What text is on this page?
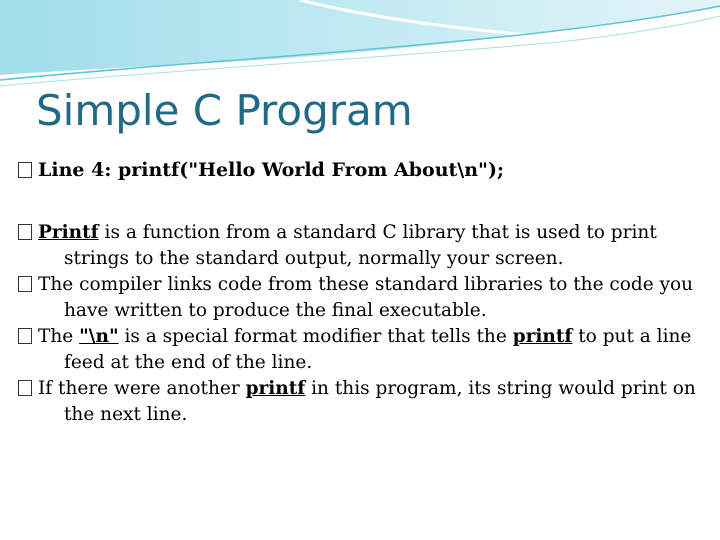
Simple C Program

Line 4: printf("Hello World From About\n");

Printf is a function from a standard C library that is used to print strings to the standard output, normally your screen.

The compiler links code from these standard libraries to the code you have written to produce the final executable.

The "\n" is a special format modifier that tells the printf to put a line feed at the end of the line.

If there were another printf in this program, its string would print on the next line.
